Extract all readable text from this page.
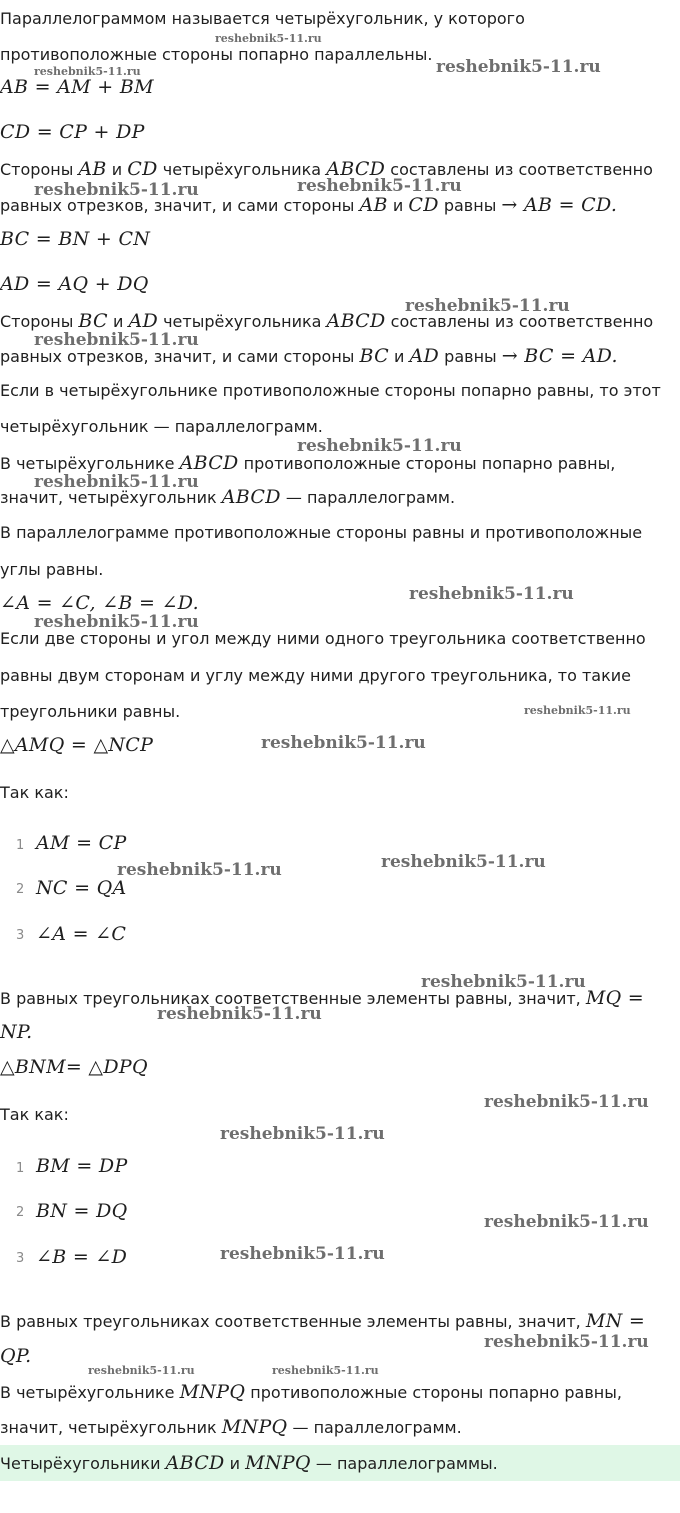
Параллелограммом называется четырёхугольник, у которого
противоположные стороны попарно параллельны.
AB = AM + BM
CD = CP + DP
Стороны AB и CD четырёхугольника ABCD составлены из соответственно
равных отрезков, значит, и сами стороны AB и CD равны → AB = CD.
BC = BN + CN
AD = AQ + DQ
Стороны BC и AD четырёхугольника ABCD составлены из соответственно
равных отрезков, значит, и сами стороны BC и AD равны → BC = AD.
Если в четырёхугольнике противоположные стороны попарно равны, то этот
четырёхугольник — параллелограмм.
В четырёхугольнике ABCD противоположные стороны попарно равны,
значит, четырёхугольник ABCD — параллелограмм.
В параллелограмме противоположные стороны равны и противоположные
углы равны.
∠A = ∠C, ∠B = ∠D.
Если две стороны и угол между ними одного треугольника соответственно
равны двум сторонам и углу между ними другого треугольника, то такие
треугольники равны.
△AMQ = △NCP
Так как:
1 AM = CP
2 NC = QA
3 ∠A = ∠C
В равных треугольниках соответственные элементы равны, значит, MQ =
NP.
△BNM= △DPQ
Так как:
1 BM = DP
2 BN = DQ
3 ∠B = ∠D
В равных треугольниках соответственные элементы равны, значит, MN =
QP.
В четырёхугольнике MNPQ противоположные стороны попарно равны,
значит, четырёхугольник MNPQ — параллелограмм.
Четырёхугольники ABCD и MNPQ — параллелограммы.
reshebnik5-11.ru
reshebnik5-11.ru	reshebnik5-11.ru
reshebnik5-11.ru	reshebnik5-11.ru
reshebnik5-11.ru
reshebnik5-11.ru
reshebnik5-11.ru
reshebnik5-11.ru
reshebnik5-11.ru
reshebnik5-11.ru
reshebnik5-11.ru
reshebnik5-11.ru
reshebnik5-11.ru
reshebnik5-11.ru
reshebnik5-11.ru
reshebnik5-11.ru
reshebnik5-11.ru
reshebnik5-11.ru
reshebnik5-11.ru
reshebnik5-11.ru
reshebnik5-11.ru
reshebnik5-11.ru	reshebnik5-11.ru
